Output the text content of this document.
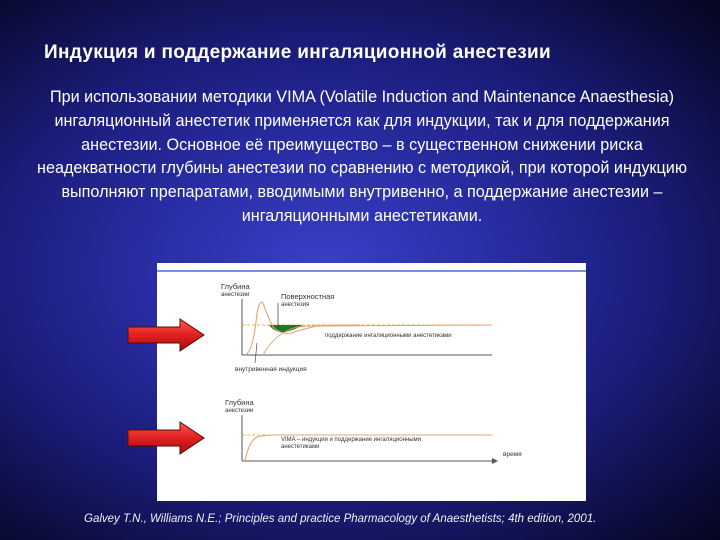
Индукция и поддержание ингаляционной анестезии
При использовании методики VIMA (Volatile Induction and Maintenance Anaesthesia) ингаляционный анестетик применяется как для индукции, так и для поддержания анестезии. Основное её преимущество – в существенном снижении риска неадекватности глубины анестезии по сравнению с методикой, при которой индукцию выполняют препаратами, вводимыми внутривенно, а поддержание анестезии – ингаляционными анестетиками.
Глубина
анестезии	Поверхностная
анестезия
поддержание ингаляционными анестетиками
внутривенная индукция
Глубина
анестезии
VIMA – индукция и поддержание ингаляционными
анестетиками
время
Galvey T.N., Williams N.E.; Principles and practice Pharmacology of Anaesthetists; 4th edition, 2001.
